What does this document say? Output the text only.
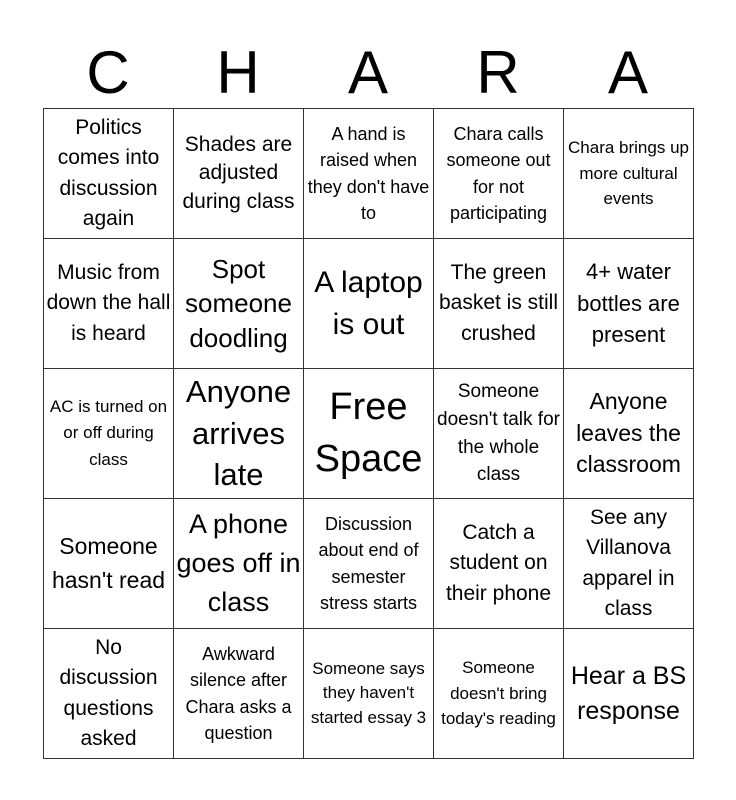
C	H	A	R	A
Politics comes into discussion again	Shades are adjusted during class	A hand is raised when they don't have to	Chara calls someone out for not participating	Chara brings up more cultural events

Music from down the hall is heard	Spot someone doodling	A laptop is out	The green basket is still crushed	4+ water bottles are present

AC is turned on or off during class	Anyone arrives late	Free Space	Someone doesn't talk for the whole class	Anyone leaves the classroom

Someone hasn't read	A phone goes off in class	Discussion about end of semester stress starts	Catch a student on their phone	See any Villanova apparel in class

No discussion questions asked	Awkward silence after Chara asks a question	Someone says they haven't started essay 3	Someone doesn't bring today's reading	Hear a BS response
